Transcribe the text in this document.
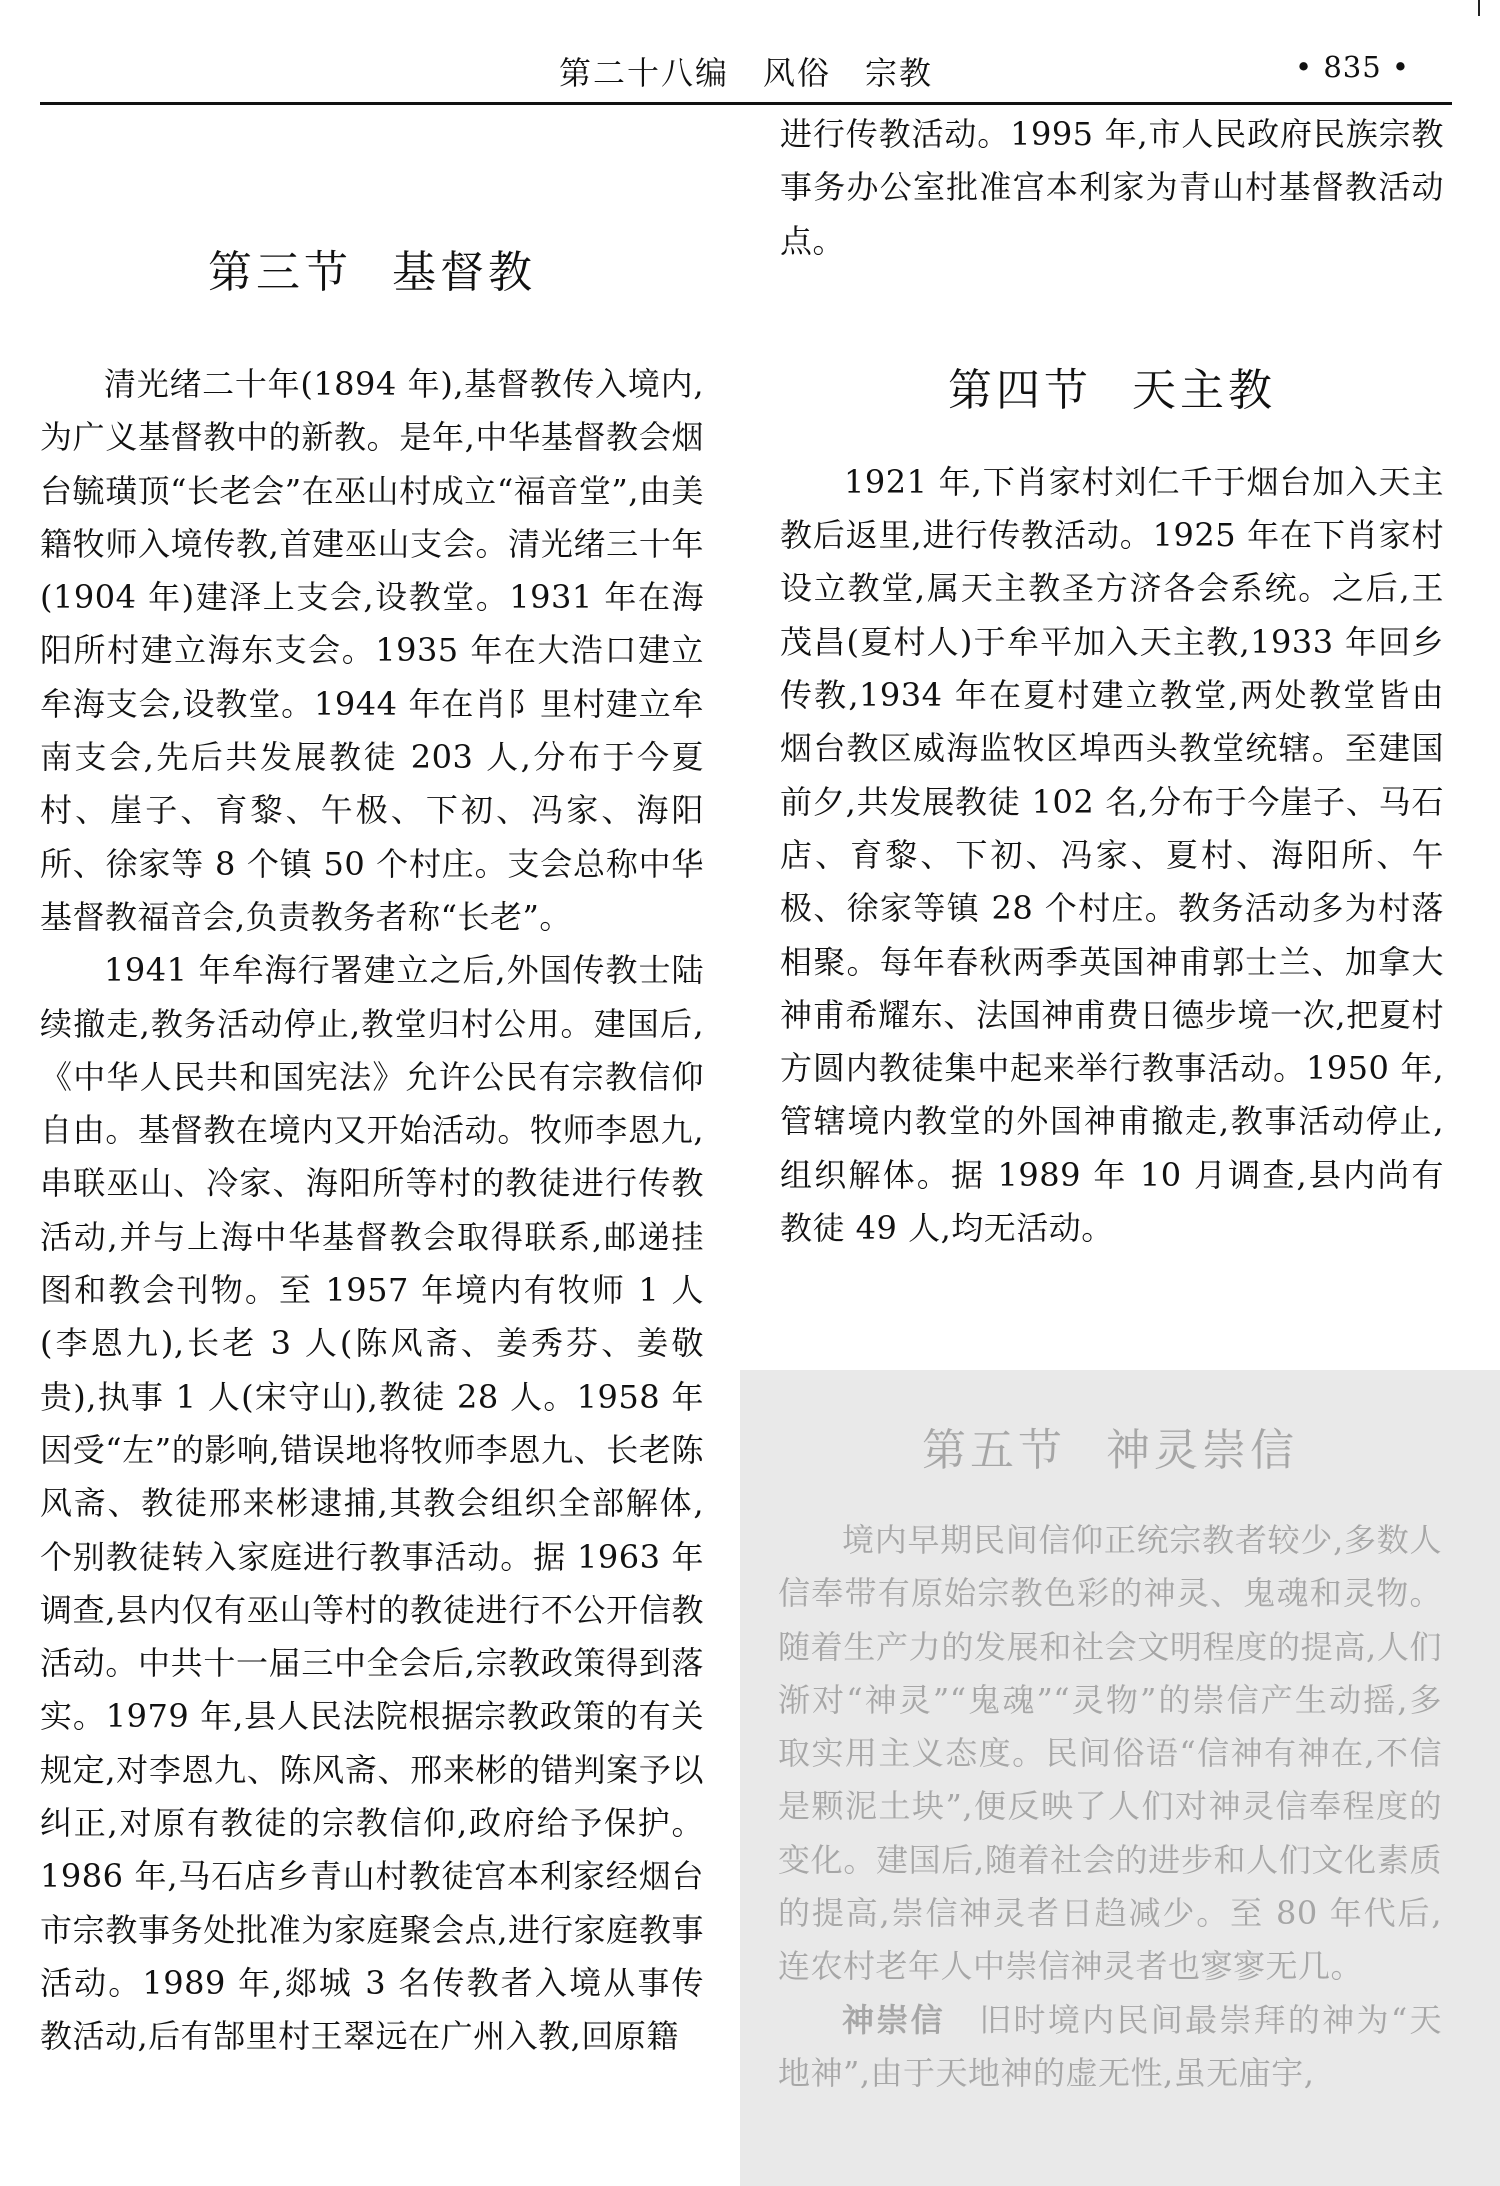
第二十八编　风俗　宗教	• 835 •
第三节 基督教

清光绪二十年(1894 年),基督教传入境内,为广义基督教中的新教。是年,中华基督教会烟台毓璜顶“长老会”在巫山村成立“福音堂”,由美籍牧师入境传教,首建巫山支会。清光绪三十年(1904 年)建泽上支会,设教堂。1931 年在海阳所村建立海东支会。1935 年在大浩口建立牟海支会,设教堂。1944 年在肖阝里村建立牟南支会,先后共发展教徒 203 人,分布于今夏村、崖子、育黎、午极、下初、冯家、海阳所、徐家等 8 个镇 50 个村庄。支会总称中华基督教福音会,负责教务者称“长老”。

1941 年牟海行署建立之后,外国传教士陆续撤走,教务活动停止,教堂归村公用。建国后,《中华人民共和国宪法》允许公民有宗教信仰自由。基督教在境内又开始活动。牧师李恩九,串联巫山、冷家、海阳所等村的教徒进行传教活动,并与上海中华基督教会取得联系,邮递挂图和教会刊物。至 1957 年境内有牧师 1 人(李恩九),长老 3 人(陈风斋、姜秀芬、姜敬贵),执事 1 人(宋守山),教徒 28 人。1958 年因受“左”的影响,错误地将牧师李恩九、长老陈风斋、教徒邢来彬逮捕,其教会组织全部解体,个别教徒转入家庭进行教事活动。据 1963 年调查,县内仅有巫山等村的教徒进行不公开信教活动。中共十一届三中全会后,宗教政策得到落实。1979 年,县人民法院根据宗教政策的有关规定,对李恩九、陈风斋、邢来彬的错判案予以纠正,对原有教徒的宗教信仰,政府给予保护。1986 年,马石店乡青山村教徒宫本利家经烟台市宗教事务处批准为家庭聚会点,进行家庭教事活动。1989 年,郯城 3 名传教者入境从事传教活动,后有郜里村王翠远在广州入教,回原籍

进行传教活动。1995 年,市人民政府民族宗教事务办公室批准宫本利家为青山村基督教活动点。

第四节 天主教

1921 年,下肖家村刘仁千于烟台加入天主教后返里,进行传教活动。1925 年在下肖家村设立教堂,属天主教圣方济各会系统。之后,王茂昌(夏村人)于牟平加入天主教,1933 年回乡传教,1934 年在夏村建立教堂,两处教堂皆由烟台教区威海监牧区埠西头教堂统辖。至建国前夕,共发展教徒 102 名,分布于今崖子、马石店、育黎、下初、冯家、夏村、海阳所、午极、徐家等镇 28 个村庄。教务活动多为村落相聚。每年春秋两季英国神甫郭士兰、加拿大神甫希耀东、法国神甫费日德步境一次,把夏村方圆内教徒集中起来举行教事活动。1950 年,管辖境内教堂的外国神甫撤走,教事活动停止,组织解体。据 1989 年 10 月调查,县内尚有教徒 49 人,均无活动。

第五节 神灵崇信

境内早期民间信仰正统宗教者较少,多数人信奉带有原始宗教色彩的神灵、鬼魂和灵物。随着生产力的发展和社会文明程度的提高,人们渐对“神灵”“鬼魂”“灵物”的崇信产生动摇,多取实用主义态度。民间俗语“信神有神在,不信是颗泥土块”,便反映了人们对神灵信奉程度的变化。建国后,随着社会的进步和人们文化素质的提高,崇信神灵者日趋减少。至 80 年代后,连农村老年人中崇信神灵者也寥寥无几。

神崇信　 旧时境内民间最崇拜的神为“天地神”,由于天地神的虚无性,虽无庙宇,
